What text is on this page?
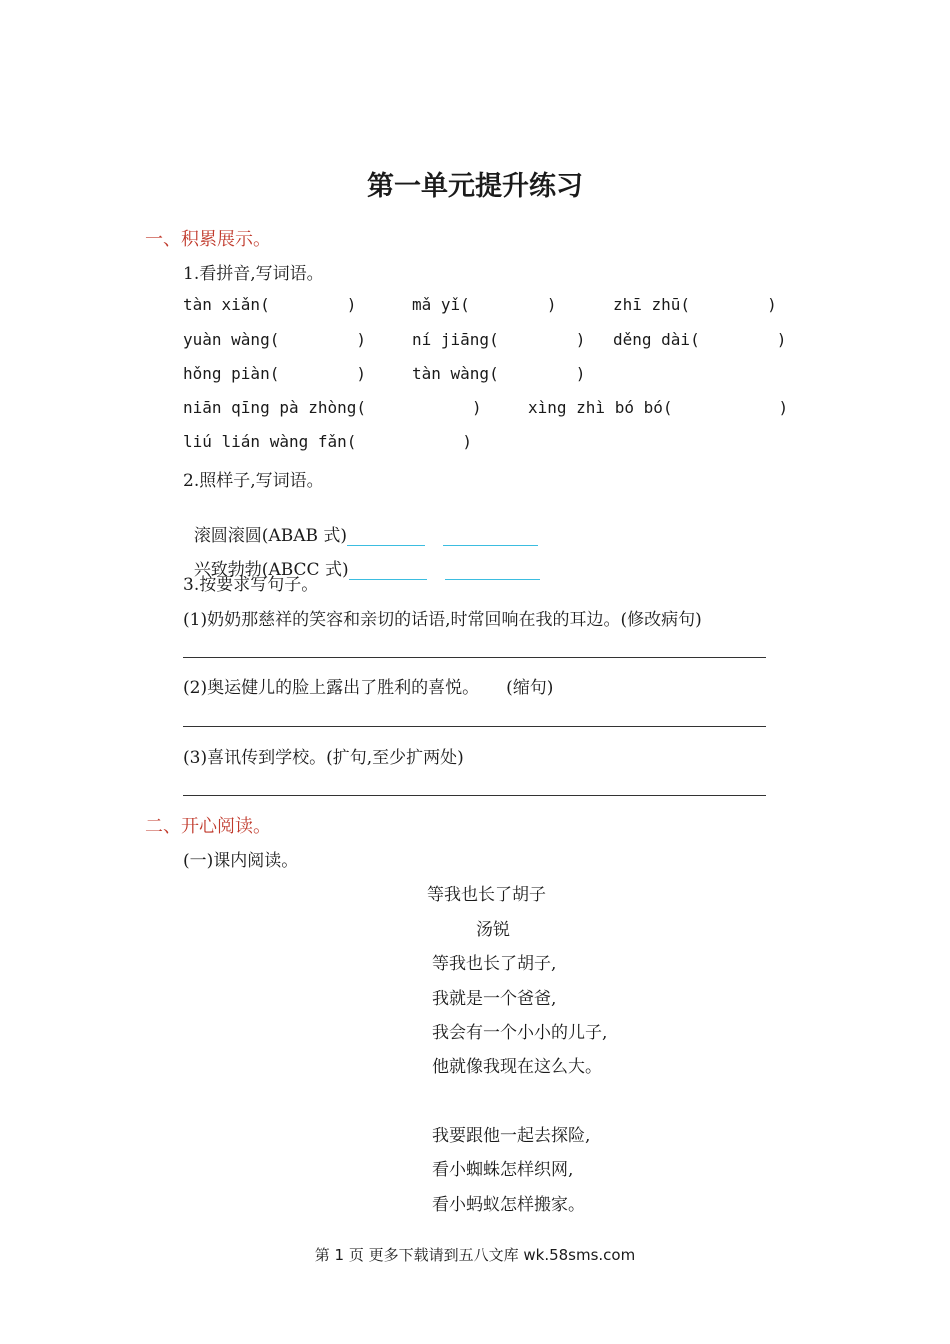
第一单元提升练习
一、积累展示。
1.看拼音,写词语。
tàn xiǎn(        )	mǎ yǐ(        )	zhī zhū(        )
yuàn wàng(        )	ní jiāng(        ) děng dài(        )
hǒng piàn(        )	tàn wàng(        )
niān qīng pà zhòng(           )	xìng zhì bó bó(           )
liú lián wàng fǎn(           )
2.照样子,写词语。

滚圆滚圆(ABAB 式)

兴致勃勃(ABCC 式)

3.按要求写句子。
(1)奶奶那慈祥的笑容和亲切的话语,时常回响在我的耳边。(修改病句)
(2)奥运健儿的脸上露出了胜利的喜悦。     (缩句)
(3)喜讯传到学校。(扩句,至少扩两处)
二、开心阅读。
(一)课内阅读。
等我也长了胡子
汤锐
等我也长了胡子,
我就是一个爸爸,
我会有一个小小的儿子,
他就像我现在这么大。
我要跟他一起去探险,
看小蜘蛛怎样织网,
看小蚂蚁怎样搬家。
第 1 页 更多下载请到五八文库 wk.58sms.com
